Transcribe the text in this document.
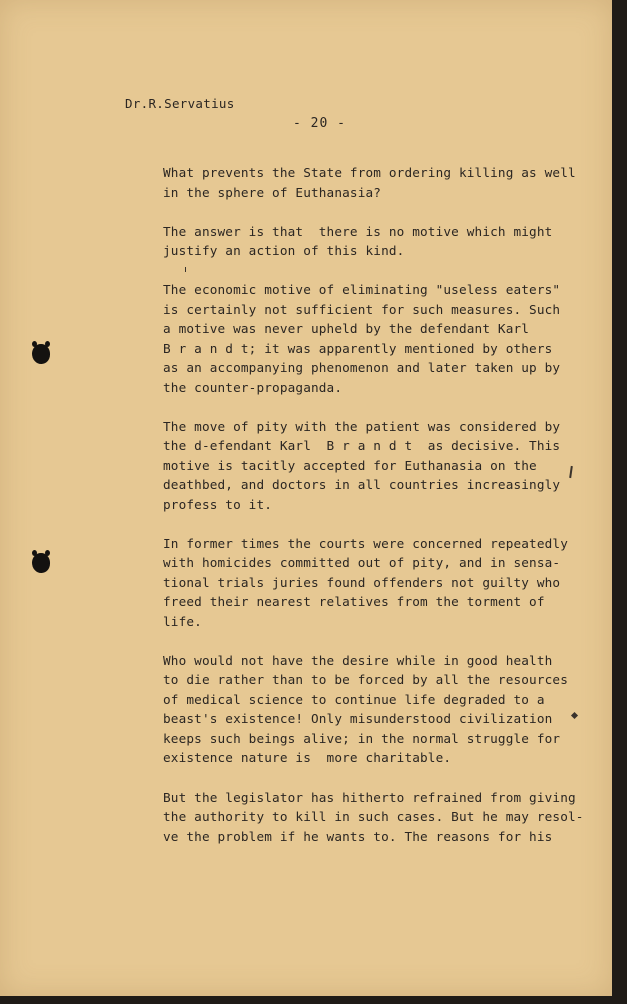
Dr.R.Servatius
- 20 -
What prevents the State from ordering killing as well
in the sphere of Euthanasia?
The answer is that  there is no motive which might
justify an action of this kind.
The economic motive of eliminating "useless eaters"
is certainly not sufficient for such measures. Such
a motive was never upheld by the defendant Karl
B r a n d t; it was apparently mentioned by others
as an accompanying phenomenon and later taken up by
the counter-propaganda.
The move of pity with the patient was considered by
the d-efendant Karl  B r a n d t  as decisive. This
motive is tacitly accepted for Euthanasia on the
deathbed, and doctors in all countries increasingly
profess to it.
In former times the courts were concerned repeatedly
with homicides committed out of pity, and in sensa-
tional trials juries found offenders not guilty who
freed their nearest relatives from the torment of
life.
Who would not have the desire while in good health
to die rather than to be forced by all the resources
of medical science to continue life degraded to a
beast's existence! Only misunderstood civilization
keeps such beings alive; in the normal struggle for
existence nature is  more charitable.
But the legislator has hitherto refrained from giving
the authority to kill in such cases. But he may resol-
ve the problem if he wants to. The reasons for his
